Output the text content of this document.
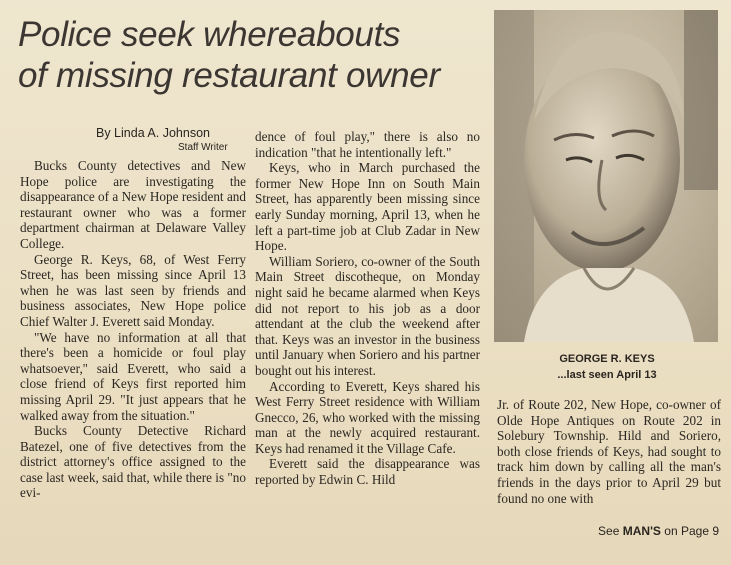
Police seek whereabouts
of missing restaurant owner
By Linda A. Johnson
Staff Writer

Bucks County detectives and New Hope police are investigating the disappearance of a New Hope resident and restaurant owner who was a former department chairman at Delaware Valley College.

George R. Keys, 68, of West Ferry Street, has been missing since April 13 when he was last seen by friends and business associates, New Hope police Chief Walter J. Everett said Monday.

"We have no information at all that there's been a homicide or foul play whatsoever,'' said Everett, who said a close friend of Keys first reported him missing April 29. "It just appears that he walked away from the situation."

Bucks County Detective Richard Batezel, one of five detectives from the district attorney's office assigned to the case last week, said that, while there is "no evi-

dence of foul play," there is also no indication "that he intentionally left."

Keys, who in March purchased the former New Hope Inn on South Main Street, has apparently been missing since early Sunday morning, April 13, when he left a part-time job at Club Zadar in New Hope.

William Soriero, co-owner of the South Main Street discotheque, on Monday night said he became alarmed when Keys did not report to his job as a door attendant at the club the weekend after that. Keys was an investor in the business until January when Soriero and his partner bought out his interest.

According to Everett, Keys shared his West Ferry Street residence with William Gnecco, 26, who worked with the missing man at the newly acquired restaurant. Keys had renamed it the Village Cafe.

Everett said the disappearance was reported by Edwin C. Hild

GEORGE R. KEYS
...last seen April 13

Jr. of Route 202, New Hope, co-owner of Olde Hope Antiques on Route 202 in Solebury Township. Hild and Soriero, both close friends of Keys, had sought to track him down by calling all the man's friends in the days prior to April 29 but found no one with

See MAN'S on Page 9
